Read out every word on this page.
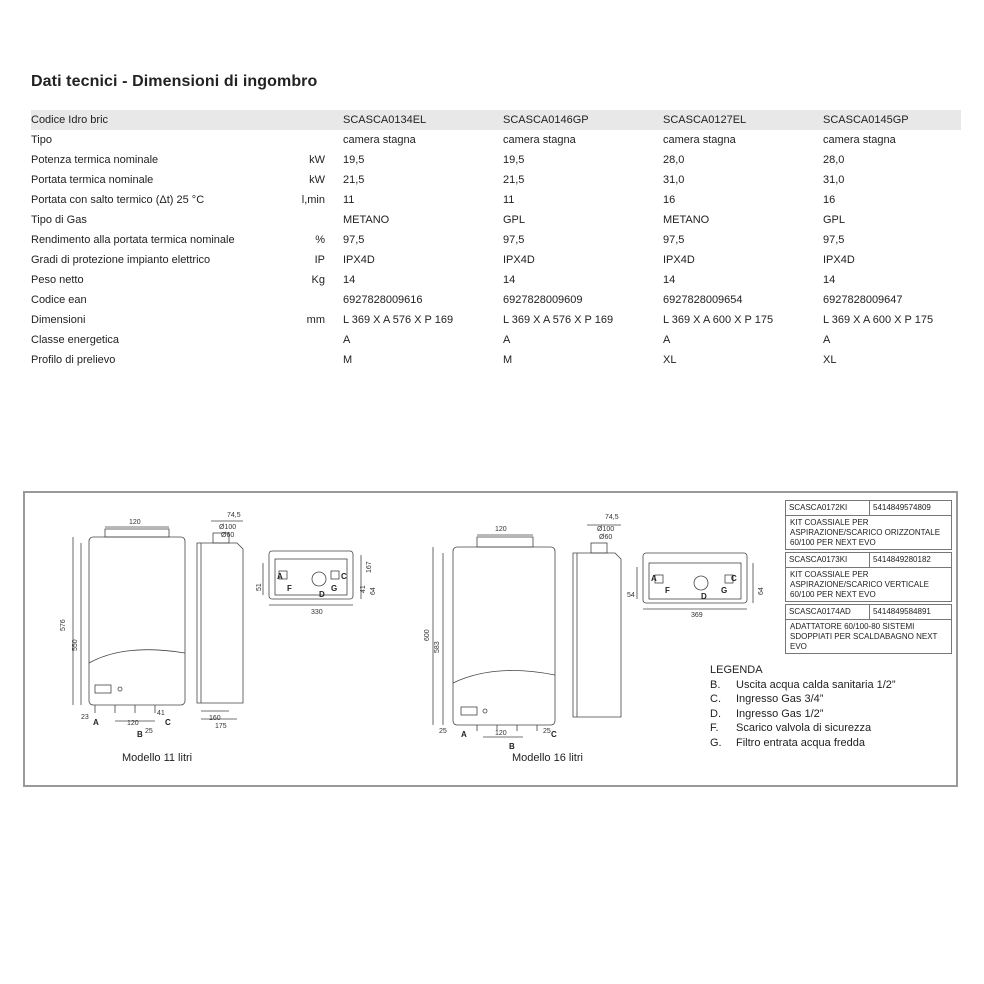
Dati tecnici - Dimensioni di ingombro
Codice Idro bric		SCASCA0134EL	SCASCA0146GP	SCASCA0127EL	SCASCA0145GP
Tipo		camera stagna	camera stagna	camera stagna	camera stagna
Potenza termica nominale	kW	19,5	19,5	28,0	28,0
Portata termica nominale	kW	21,5	21,5	31,0	31,0
Portata con salto termico (Δt) 25 °C	l,min	11	11	16	16
Tipo di Gas		METANO	GPL	METANO	GPL
Rendimento alla portata termica nominale	%	97,5	97,5	97,5	97,5
Gradi di protezione impianto elettrico	IP	IPX4D	IPX4D	IPX4D	IPX4D
Peso netto	Kg	14	14	14	14
Codice ean		6927828009616	6927828009609	6927828009654	6927828009647
Dimensioni	mm	L 369 X A 576 X P 169	L 369 X A 576 X P 169	L 369 X A 600 X P 175	L 369 X A 600 X P 175
Classe energetica		A	A	A	A
Profilo di prelievo		M	M	XL	XL
120
576
550
23
120
41
25
74,5
Ø100
Ø60
160
175
330
51
167
41 64
A
B
C
A
F
C
G
D
120
600
583
25	120	25
74,5
Ø100
Ø60
369
54
64
A
B
C
A
F
C
G
D
SCASCA0172KI	5414849574809
KIT COASSIALE PER ASPIRAZIONE/SCARICO ORIZZONTALE 60/100 PER NEXT EVO
SCASCA0173KI	5414849280182
KIT COASSIALE PER ASPIRAZIONE/SCARICO VERTICALE 60/100 PER NEXT EVO
SCASCA0174AD	5414849584891
ADATTATORE 60/100-80 SISTEMI SDOPPIATI PER SCALDABAGNO NEXT EVO
LEGENDA
B.	Uscita acqua calda sanitaria 1/2”
C.	Ingresso Gas 3/4”
D.	Ingresso Gas 1/2”
F.	Scarico valvola di sicurezza
G.	Filtro entrata acqua fredda
Modello 11 litri	Modello 16 litri
